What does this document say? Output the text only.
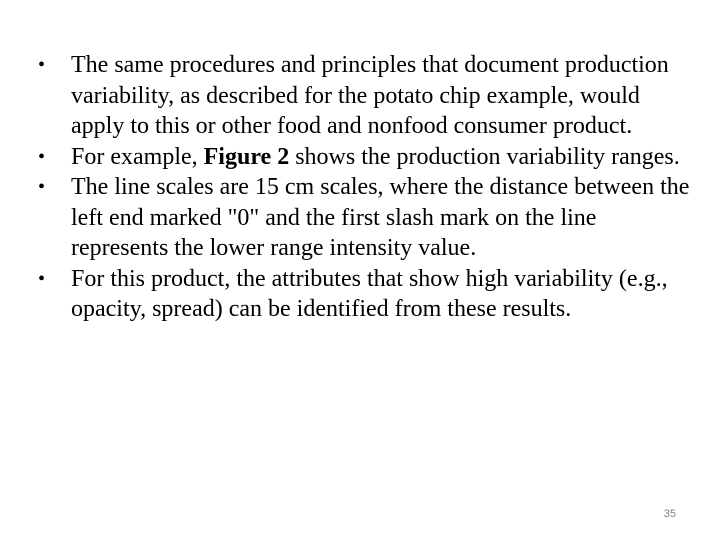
•	The same procedures and principles that document production variability, as described for the potato chip example, would apply to this or other food and nonfood consumer product.
•	For example, Figure 2 shows the production variability ranges.
•	The line scales are 15 cm scales, where the distance between the left end marked "0" and the first slash mark on the line represents the lower range intensity value.
•	For this product, the attributes that show high variability (e.g., opacity, spread) can be identified from these results.
35
